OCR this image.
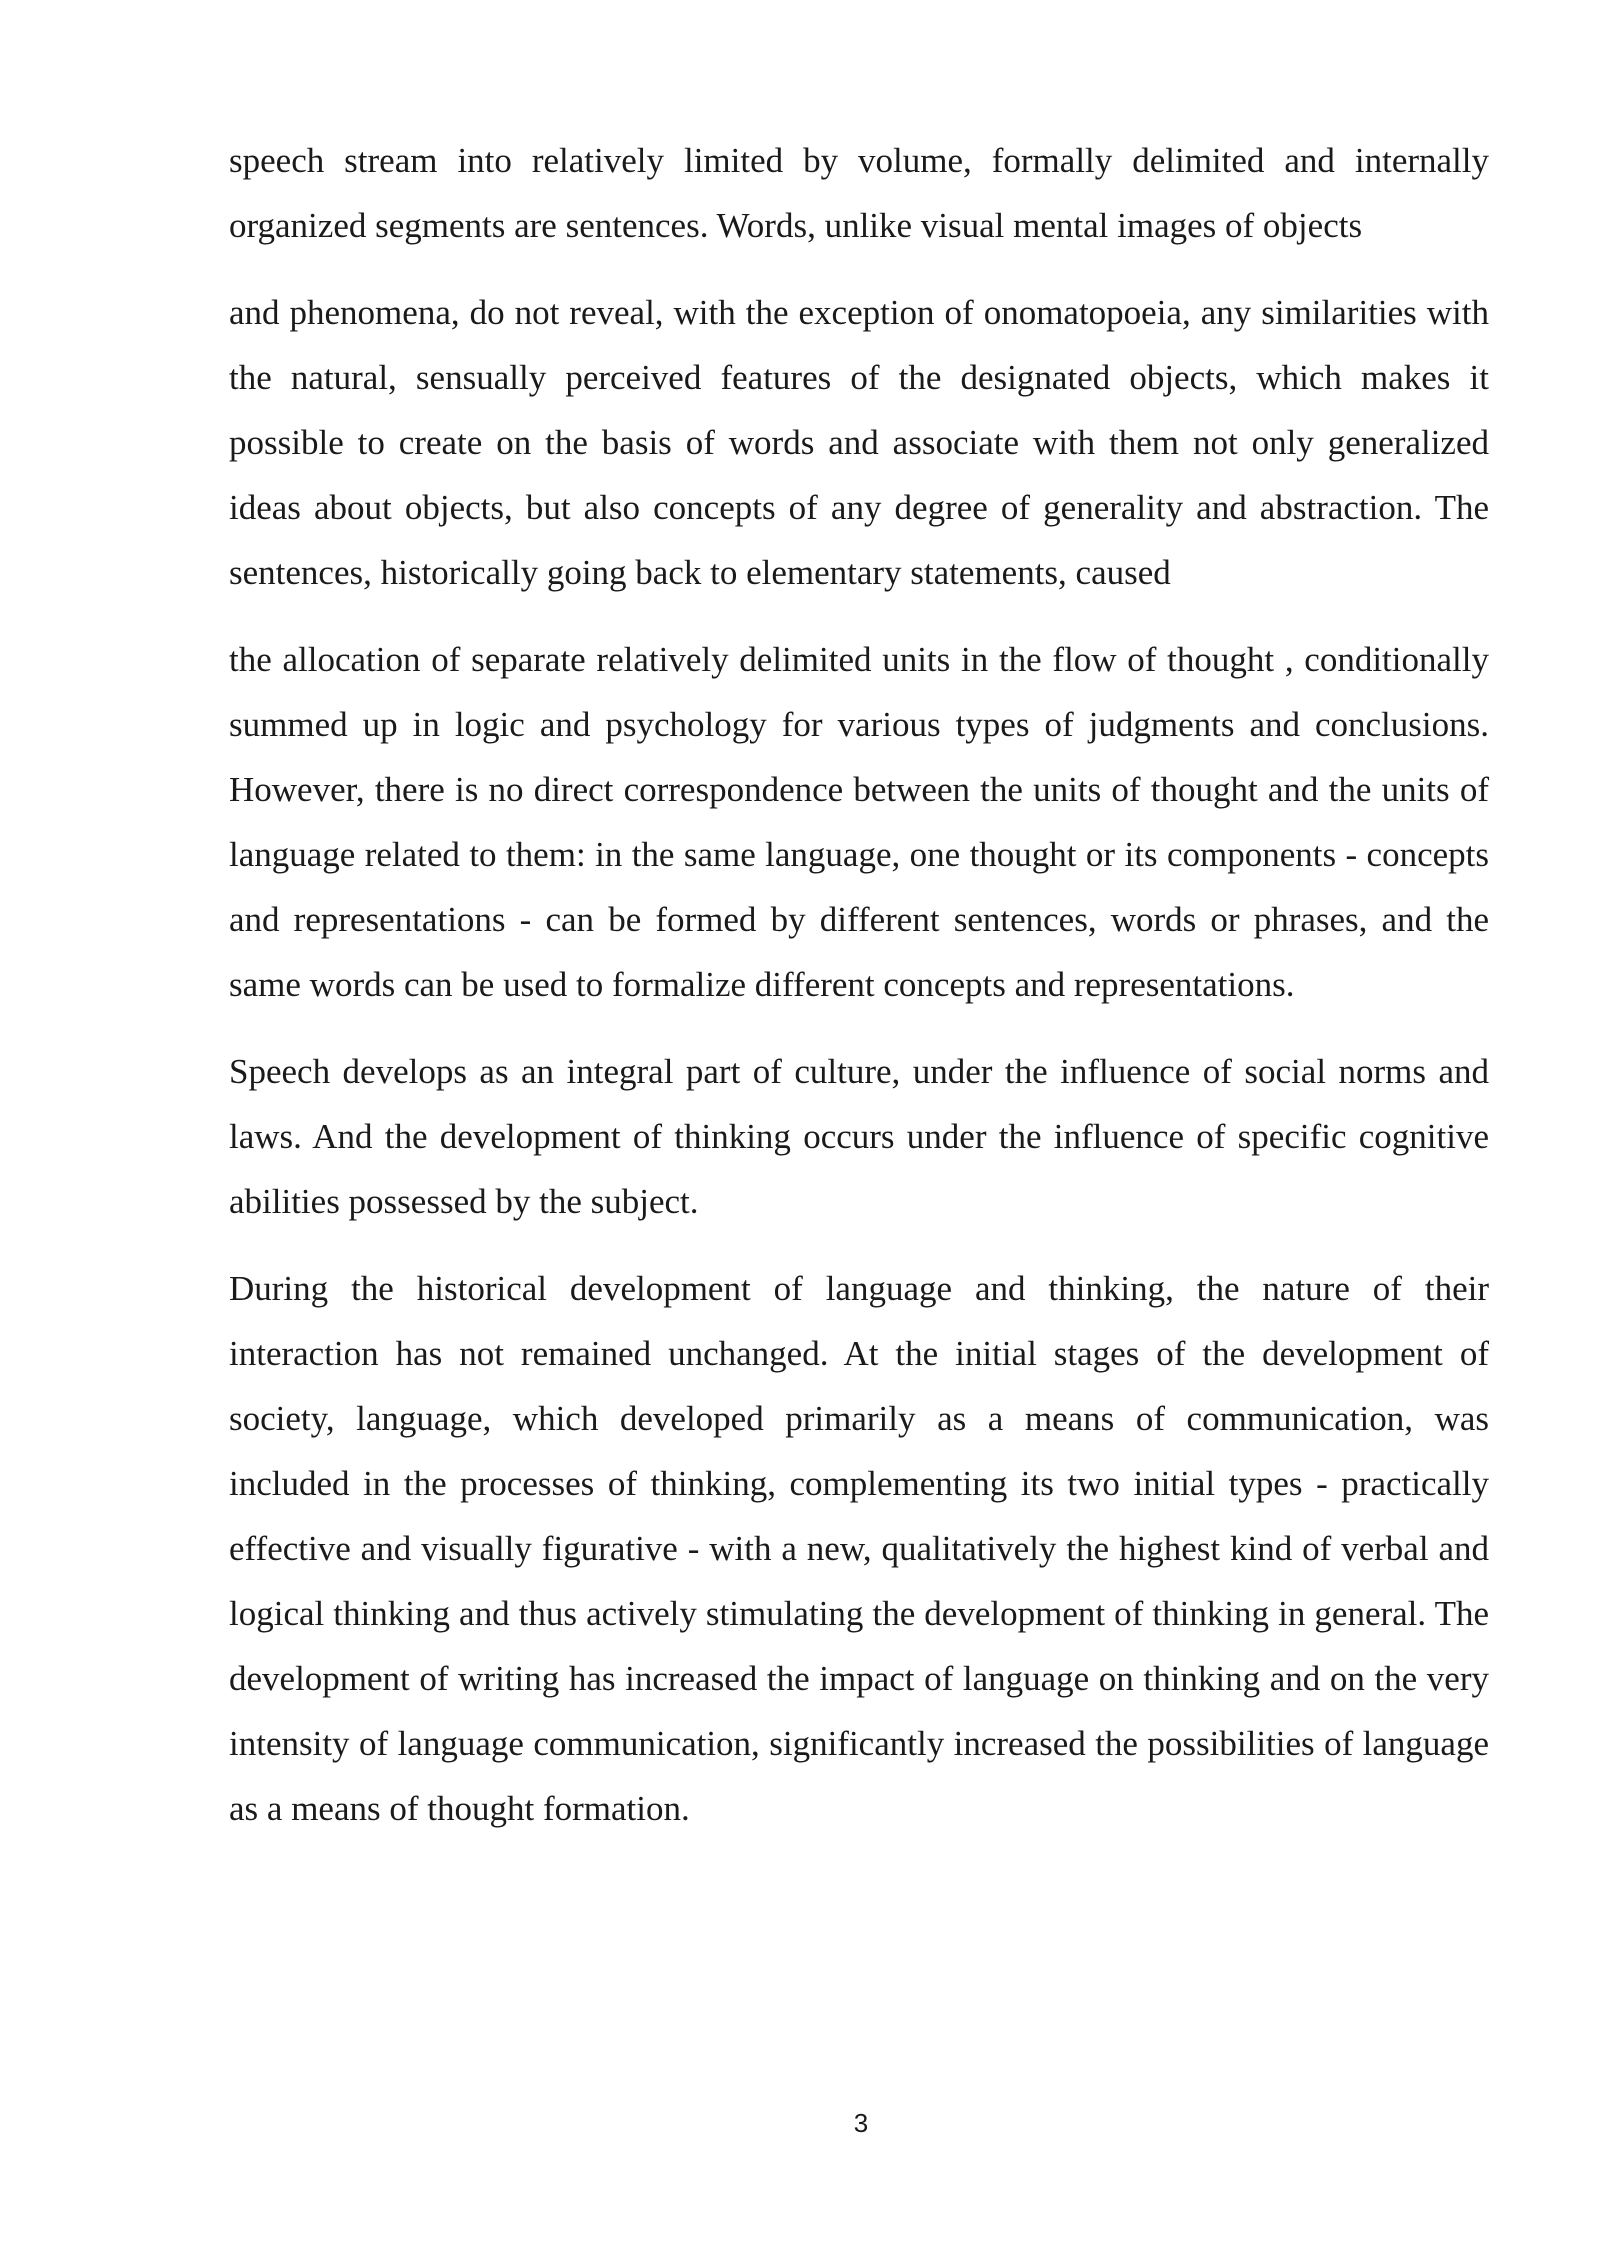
speech stream into relatively limited by volume, formally delimited and internally organized segments are sentences. Words, unlike visual mental images of objects

and phenomena, do not reveal, with the exception of onomatopoeia, any similarities with the natural, sensually perceived features of the designated objects, which makes it possible to create on the basis of words and associate with them not only generalized ideas about objects, but also concepts of any degree of generality and abstraction. The sentences, historically going back to elementary statements, caused

the allocation of separate relatively delimited units in the flow of thought , conditionally summed up in logic and psychology for various types of judgments and conclusions. However, there is no direct correspondence between the units of thought and the units of language related to them: in the same language, one thought or its components - concepts and representations - can be formed by different sentences, words or phrases, and the same words can be used to formalize different concepts and representations.

Speech develops as an integral part of culture, under the influence of social norms and laws. And the development of thinking occurs under the influence of specific cognitive abilities possessed by the subject.

During the historical development of language and thinking, the nature of their interaction has not remained unchanged. At the initial stages of the development of society, language, which developed primarily as a means of communication, was included in the processes of thinking, complementing its two initial types - practically effective and visually figurative - with a new, qualitatively the highest kind of verbal and logical thinking and thus actively stimulating the development of thinking in general. The development of writing has increased the impact of language on thinking and on the very intensity of language communication, significantly increased the possibilities of language as a means of thought formation.

3
